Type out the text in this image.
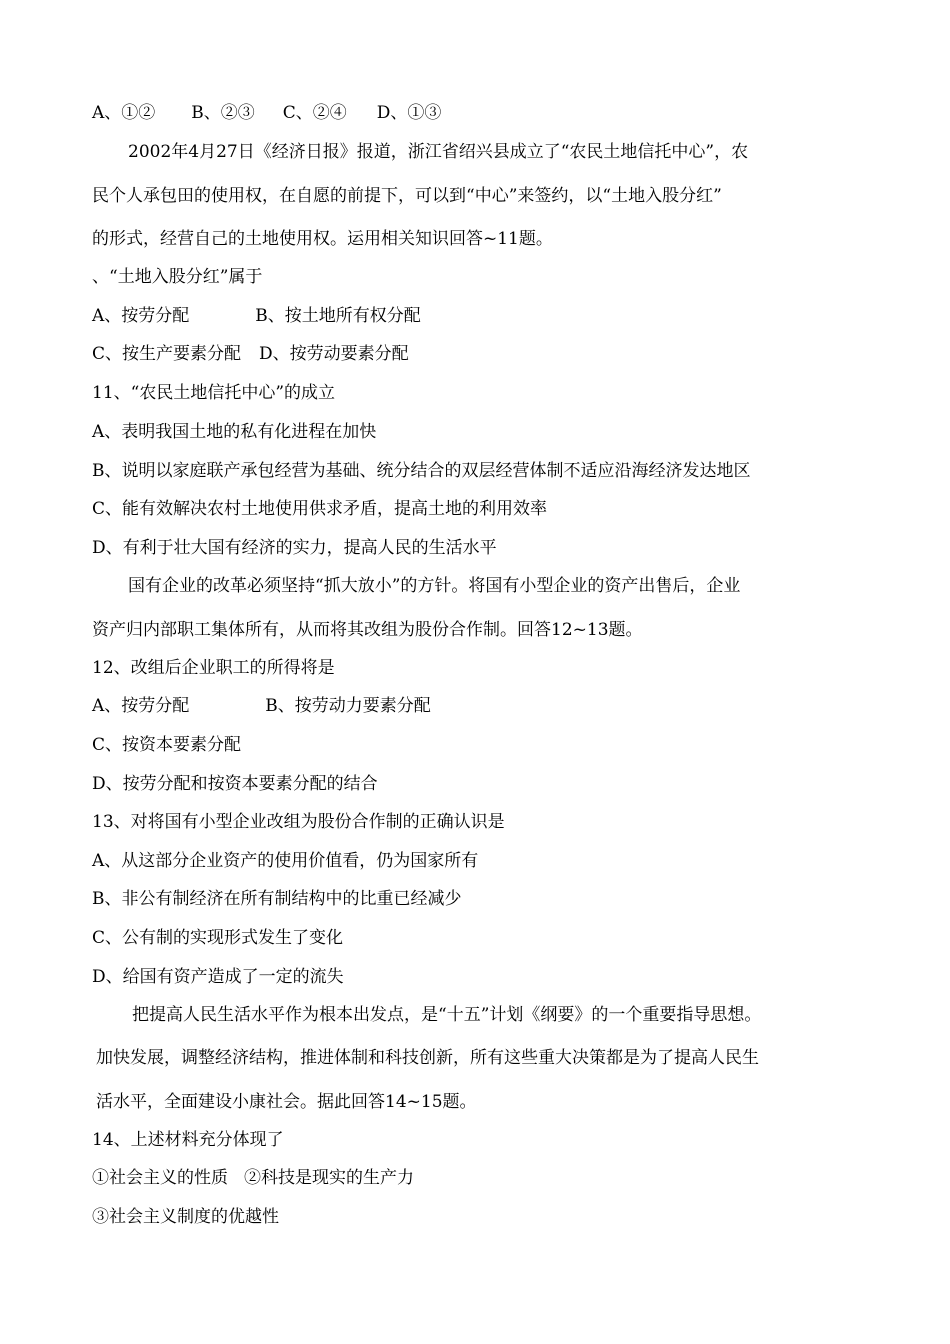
A、①② B、②③ C、②④ D、①③
2002年4月27日《经济日报》报道，浙江省绍兴县成立了“农民土地信托中心”，农
民个人承包田的使用权，在自愿的前提下，可以到“中心”来签约，以“土地入股分红”
的形式，经营自己的土地使用权。运用相关知识回答~11题。
、“土地入股分红”属于
A、按劳分配	B、按土地所有权分配
C、按生产要素分配 D、按劳动要素分配
11、“农民土地信托中心”的成立
A、表明我国土地的私有化进程在加快
B、说明以家庭联产承包经营为基础、统分结合的双层经营体制不适应沿海经济发达地区
C、能有效解决农村土地使用供求矛盾，提高土地的利用效率
D、有利于壮大国有经济的实力，提高人民的生活水平
国有企业的改革必须坚持“抓大放小”的方针。将国有小型企业的资产出售后，企业
资产归内部职工集体所有，从而将其改组为股份合作制。回答12~13题。
12、改组后企业职工的所得将是
A、按劳分配	B、按劳动力要素分配
C、按资本要素分配
D、按劳分配和按资本要素分配的结合
13、对将国有小型企业改组为股份合作制的正确认识是
A、从这部分企业资产的使用价值看，仍为国家所有
B、非公有制经济在所有制结构中的比重已经减少
C、公有制的实现形式发生了变化
D、给国有资产造成了一定的流失
把提高人民生活水平作为根本出发点，是“十五”计划《纲要》的一个重要指导思想。
加快发展，调整经济结构，推进体制和科技创新，所有这些重大决策都是为了提高人民生
活水平，全面建设小康社会。据此回答14~15题。
14、上述材料充分体现了
①社会主义的性质 ②科技是现实的生产力
③社会主义制度的优越性
